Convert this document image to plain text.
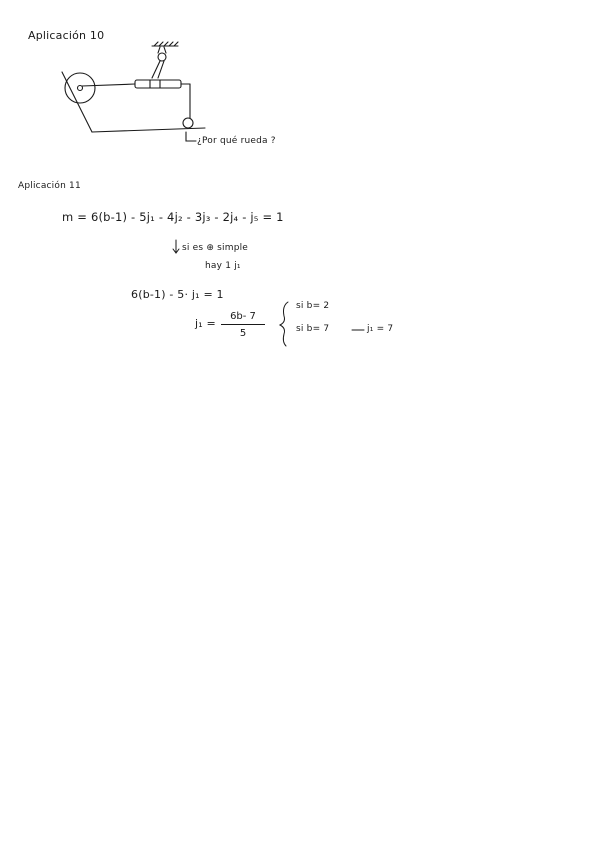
Aplicación 10
¿Por qué rueda ?
Aplicación 11
m = 6(b-1) - 5j₁ - 4j₂ - 3j₃ - 2j₄ - j₅ = 1
si es ⊕ simple
hay 1 j₁
6(b-1) - 5· j₁ = 1
$j_1 = \frac{6b- 7}{5}$
si b= 2
si b= 7	j₁ = 7
